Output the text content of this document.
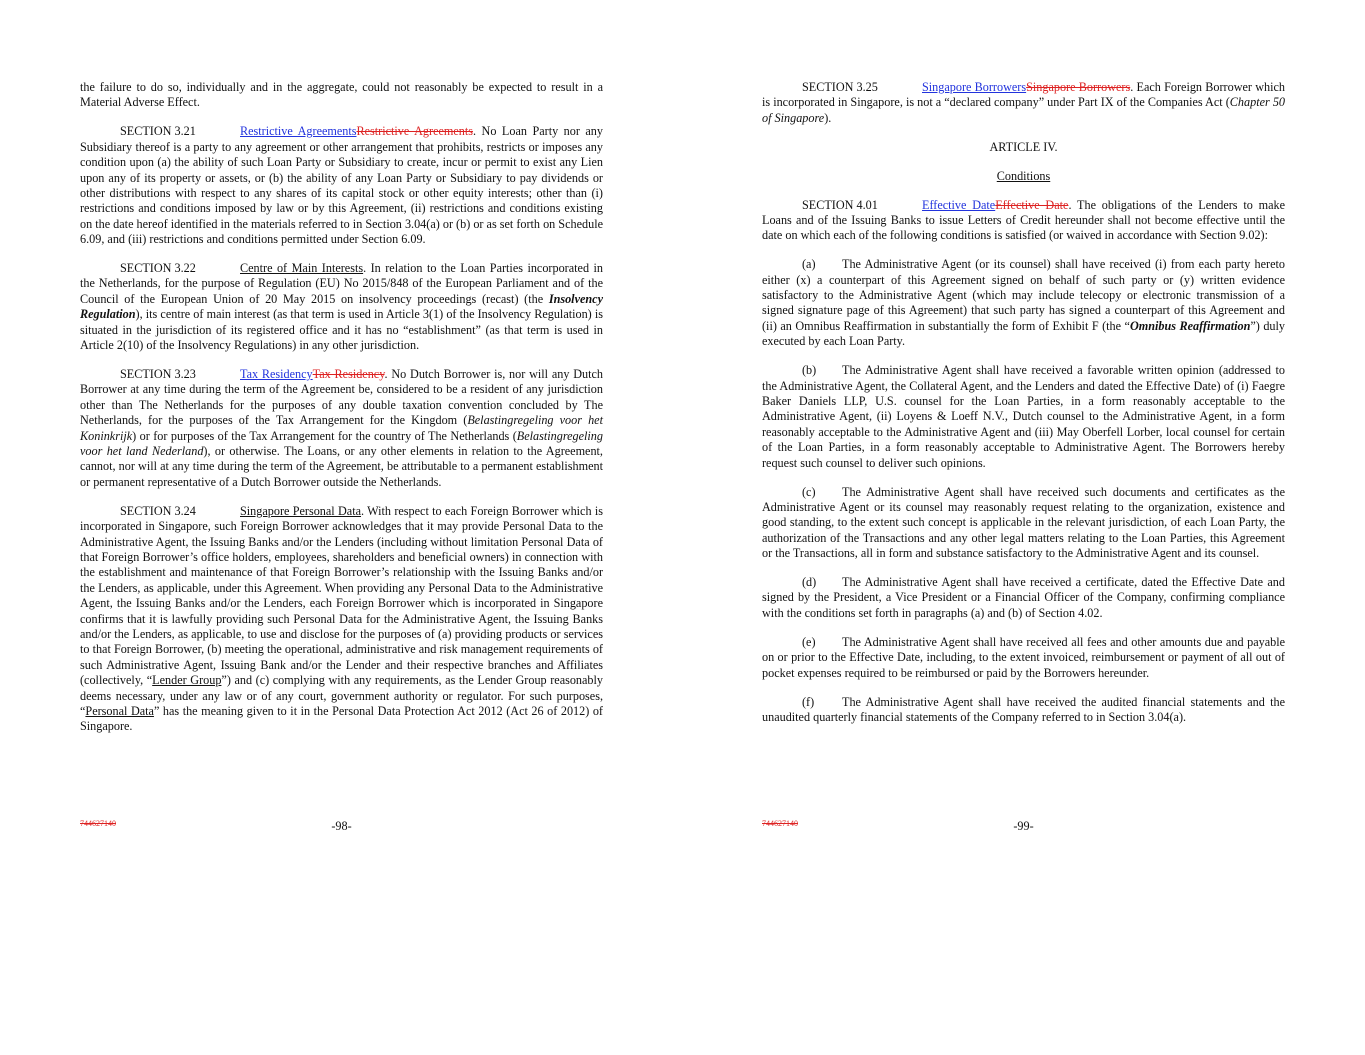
the failure to do so, individually and in the aggregate, could not reasonably be expected to result in a Material Adverse Effect.

SECTION 3.21	Restrictive AgreementsRestrictive Agreements. No Loan Party nor any Subsidiary thereof is a party to any agreement or other arrangement that prohibits, restricts or imposes any condition upon (a) the ability of such Loan Party or Subsidiary to create, incur or permit to exist any Lien upon any of its property or assets, or (b) the ability of any Loan Party or Subsidiary to pay dividends or other distributions with respect to any shares of its capital stock or other equity interests; other than (i) restrictions and conditions imposed by law or by this Agreement, (ii) restrictions and conditions existing on the date hereof identified in the materials referred to in Section 3.04(a) or (b) or as set forth on Schedule 6.09, and (iii) restrictions and conditions permitted under Section 6.09.

SECTION 3.22	Centre of Main Interests. In relation to the Loan Parties incorporated in the Netherlands, for the purpose of Regulation (EU) No 2015/848 of the European Parliament and of the Council of the European Union of 20 May 2015 on insolvency proceedings (recast) (the Insolvency Regulation), its centre of main interest (as that term is used in Article 3(1) of the Insolvency Regulation) is situated in the jurisdiction of its registered office and it has no “establishment” (as that term is used in Article 2(10) of the Insolvency Regulations) in any other jurisdiction.

SECTION 3.23	Tax ResidencyTax Residency. No Dutch Borrower is, nor will any Dutch Borrower at any time during the term of the Agreement be, considered to be a resident of any jurisdiction other than The Netherlands for the purposes of any double taxation convention concluded by The Netherlands, for the purposes of the Tax Arrangement for the Kingdom (Belastingregeling voor het Koninkrijk) or for purposes of the Tax Arrangement for the country of The Netherlands (Belastingregeling voor het land Nederland), or otherwise. The Loans, or any other elements in relation to the Agreement, cannot, nor will at any time during the term of the Agreement, be attributable to a permanent establishment or permanent representative of a Dutch Borrower outside the Netherlands.

SECTION 3.24	Singapore Personal Data. With respect to each Foreign Borrower which is incorporated in Singapore, such Foreign Borrower acknowledges that it may provide Personal Data to the Administrative Agent, the Issuing Banks and/or the Lenders (including without limitation Personal Data of that Foreign Borrower’s office holders, employees, shareholders and beneficial owners) in connection with the establishment and maintenance of that Foreign Borrower’s relationship with the Issuing Banks and/or the Lenders, as applicable, under this Agreement. When providing any Personal Data to the Administrative Agent, the Issuing Banks and/or the Lenders, each Foreign Borrower which is incorporated in Singapore confirms that it is lawfully providing such Personal Data for the Administrative Agent, the Issuing Banks and/or the Lenders, as applicable, to use and disclose for the purposes of (a) providing products or services to that Foreign Borrower, (b) meeting the operational, administrative and risk management requirements of such Administrative Agent, Issuing Bank and/or the Lender and their respective branches and Affiliates (collectively, “Lender Group”) and (c) complying with any requirements, as the Lender Group reasonably deems necessary, under any law or of any court, government authority or regulator. For such purposes, “Personal Data” has the meaning given to it in the Personal Data Protection Act 2012 (Act 26 of 2012) of Singapore.

744627140	-98-

SECTION 3.25	Singapore BorrowersSingapore Borrowers. Each Foreign Borrower which is incorporated in Singapore, is not a “declared company” under Part IX of the Companies Act (Chapter 50 of Singapore).

ARTICLE IV.

Conditions

SECTION 4.01	Effective DateEffective Date. The obligations of the Lenders to make Loans and of the Issuing Banks to issue Letters of Credit hereunder shall not become effective until the date on which each of the following conditions is satisfied (or waived in accordance with Section 9.02):

(a) The Administrative Agent (or its counsel) shall have received (i) from each party hereto either (x) a counterpart of this Agreement signed on behalf of such party or (y) written evidence satisfactory to the Administrative Agent (which may include telecopy or electronic transmission of a signed signature page of this Agreement) that such party has signed a counterpart of this Agreement and (ii) an Omnibus Reaffirmation in substantially the form of Exhibit F (the “Omnibus Reaffirmation”) duly executed by each Loan Party.

(b) The Administrative Agent shall have received a favorable written opinion (addressed to the Administrative Agent, the Collateral Agent, and the Lenders and dated the Effective Date) of (i) Faegre Baker Daniels LLP, U.S. counsel for the Loan Parties, in a form reasonably acceptable to the Administrative Agent, (ii) Loyens & Loeff N.V., Dutch counsel to the Administrative Agent, in a form reasonably acceptable to the Administrative Agent and (iii) May Oberfell Lorber, local counsel for certain of the Loan Parties, in a form reasonably acceptable to Administrative Agent. The Borrowers hereby request such counsel to deliver such opinions.

(c) The Administrative Agent shall have received such documents and certificates as the Administrative Agent or its counsel may reasonably request relating to the organization, existence and good standing, to the extent such concept is applicable in the relevant jurisdiction, of each Loan Party, the authorization of the Transactions and any other legal matters relating to the Loan Parties, this Agreement or the Transactions, all in form and substance satisfactory to the Administrative Agent and its counsel.

(d) The Administrative Agent shall have received a certificate, dated the Effective Date and signed by the President, a Vice President or a Financial Officer of the Company, confirming compliance with the conditions set forth in paragraphs (a) and (b) of Section 4.02.

(e) The Administrative Agent shall have received all fees and other amounts due and payable on or prior to the Effective Date, including, to the extent invoiced, reimbursement or payment of all out of pocket expenses required to be reimbursed or paid by the Borrowers hereunder.

(f) The Administrative Agent shall have received the audited financial statements and the unaudited quarterly financial statements of the Company referred to in Section 3.04(a).

744627140	-99-
